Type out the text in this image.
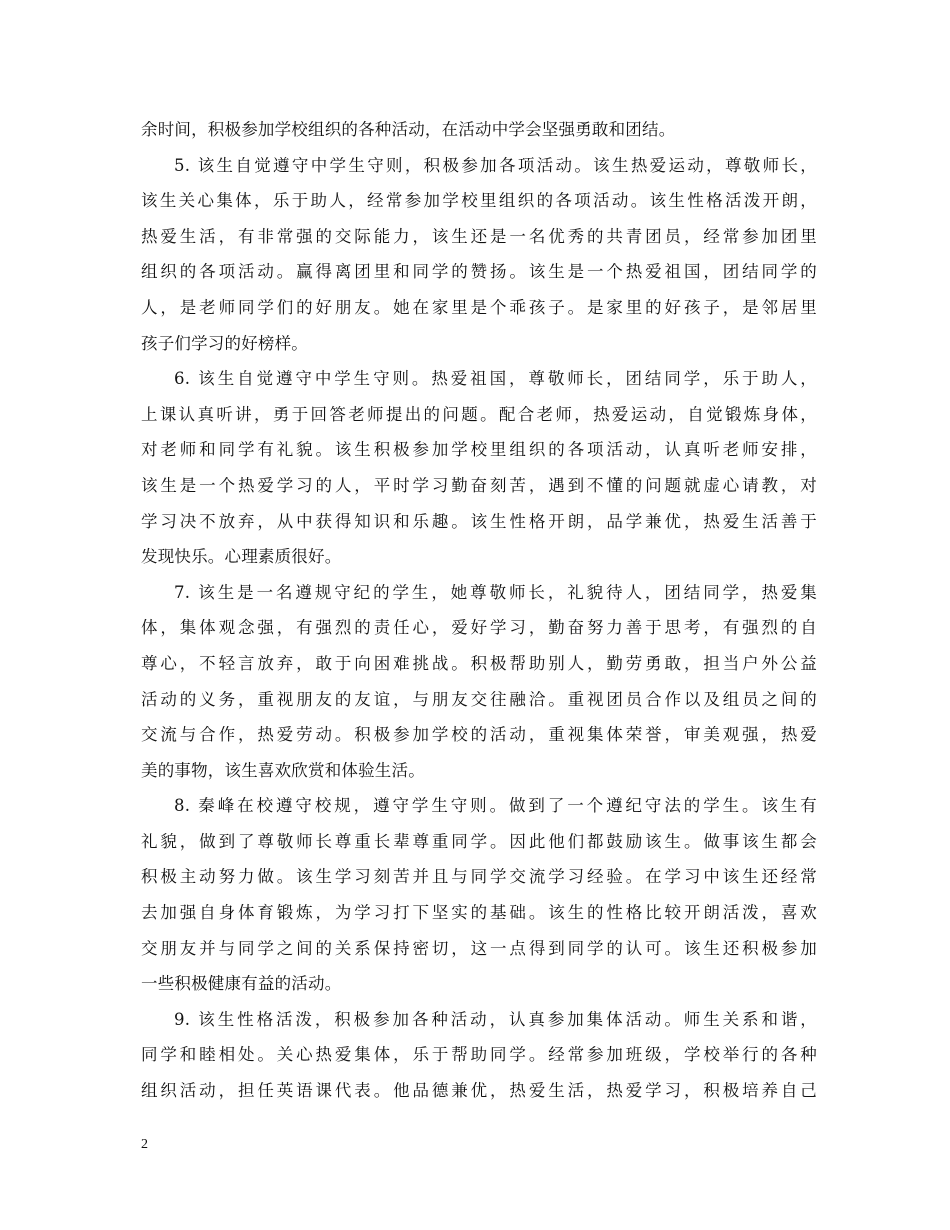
余时间，积极参加学校组织的各种活动，在活动中学会坚强勇敢和团结。
5. 该生自觉遵守中学生守则，积极参加各项活动。该生热爱运动，尊敬师长，
该生关心集体，乐于助人，经常参加学校里组织的各项活动。该生性格活泼开朗，
热爱生活，有非常强的交际能力，该生还是一名优秀的共青团员，经常参加团里
组织的各项活动。赢得离团里和同学的赞扬。该生是一个热爱祖国，团结同学的
人，是老师同学们的好朋友。她在家里是个乖孩子。是家里的好孩子，是邻居里
孩子们学习的好榜样。
6. 该生自觉遵守中学生守则。热爱祖国，尊敬师长，团结同学，乐于助人，
上课认真听讲，勇于回答老师提出的问题。配合老师，热爱运动，自觉锻炼身体，
对老师和同学有礼貌。该生积极参加学校里组织的各项活动，认真听老师安排，
该生是一个热爱学习的人，平时学习勤奋刻苦，遇到不懂的问题就虚心请教，对
学习决不放弃，从中获得知识和乐趣。该生性格开朗，品学兼优，热爱生活善于
发现快乐。心理素质很好。
7. 该生是一名遵规守纪的学生，她尊敬师长，礼貌待人，团结同学，热爱集
体，集体观念强，有强烈的责任心，爱好学习，勤奋努力善于思考，有强烈的自
尊心，不轻言放弃，敢于向困难挑战。积极帮助别人，勤劳勇敢，担当户外公益
活动的义务，重视朋友的友谊，与朋友交往融洽。重视团员合作以及组员之间的
交流与合作，热爱劳动。积极参加学校的活动，重视集体荣誉，审美观强，热爱
美的事物，该生喜欢欣赏和体验生活。
8. 秦峰在校遵守校规，遵守学生守则。做到了一个遵纪守法的学生。该生有
礼貌，做到了尊敬师长尊重长辈尊重同学。因此他们都鼓励该生。做事该生都会
积极主动努力做。该生学习刻苦并且与同学交流学习经验。在学习中该生还经常
去加强自身体育锻炼，为学习打下坚实的基础。该生的性格比较开朗活泼，喜欢
交朋友并与同学之间的关系保持密切，这一点得到同学的认可。该生还积极参加
一些积极健康有益的活动。
9. 该生性格活泼，积极参加各种活动，认真参加集体活动。师生关系和谐，
同学和睦相处。关心热爱集体，乐于帮助同学。经常参加班级，学校举行的各种
组织活动，担任英语课代表。他品德兼优，热爱生活，热爱学习，积极培养自己
2
